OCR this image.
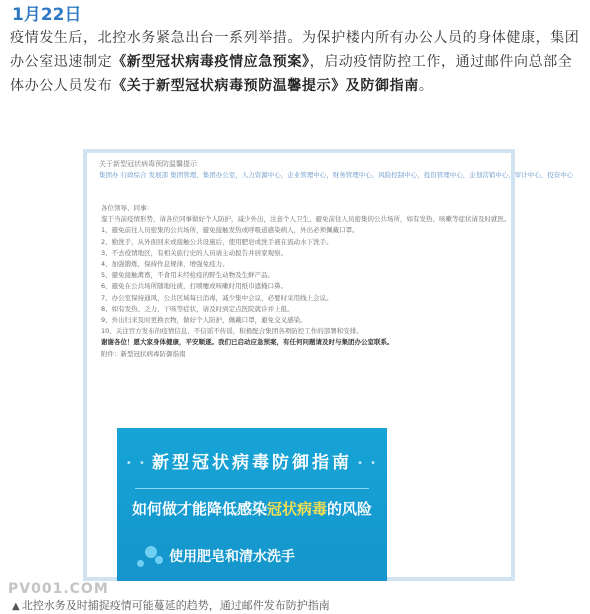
1月22日
疫情发生后，北控水务紧急出台一系列举措。为保护楼内所有办公人员的身体健康，集团办公室迅速制定《新型冠状病毒疫情应急预案》，启动疫情防控工作，通过邮件向总部全体办公人员发布《关于新型冠状病毒预防温馨提示》及防御指南。
关于新型冠状病毒预防温馨提示
集团办 行政综合 发展部 集团管理，集团办公室，人力资源中心，企业管理中心，财务管理中心，风险控制中心，投资管理中心，企划营销中心，审计中心，投资中心

各位领导、同事：

鉴于当前疫情形势，请各位同事做好个人防护，减少外出，注意个人卫生，避免前往人员密集的公共场所，如有发热、咳嗽等症状请及时就医。

1、避免前往人员密集的公共场所，避免接触发热或呼吸道感染病人，外出必须佩戴口罩。

2、勤洗手，从外面回来或接触公共设施后，使用肥皂或洗手液在流动水下洗手。

3、不去疫情地区，有相关旅行史的人员请主动报告并居家观察。

4、加强锻炼，保持作息规律，增强免疫力。

5、避免接触禽畜，不食用未经检疫的野生动物及生鲜产品。

6、避免在公共场所随地吐痰，打喷嚏或咳嗽时用纸巾遮掩口鼻。

7、办公室保持通风，公共区域每日消毒，减少集中会议，必要时采用线上会议。

8、如有发热、乏力、干咳等症状，请及时到定点医院就诊并上报。

9、外出归来及时更换衣物，做好个人防护，佩戴口罩，避免交叉感染。

10、关注官方发布的疫情信息，不信谣不传谣，积极配合集团各项防控工作的部署和安排。

谢谢各位！愿大家身体健康，平安顺遂。我们已启动应急预案，有任何问题请及时与集团办公室联系。

附件：新型冠状病毒防御指南

• • 新型冠状病毒防御指南 • •
如何做才能降低感染冠状病毒的风险
使用肥皂和清水洗手
PV001.COM
▲ 北控水务及时捕捉疫情可能蔓延的趋势，通过邮件发布防护指南
